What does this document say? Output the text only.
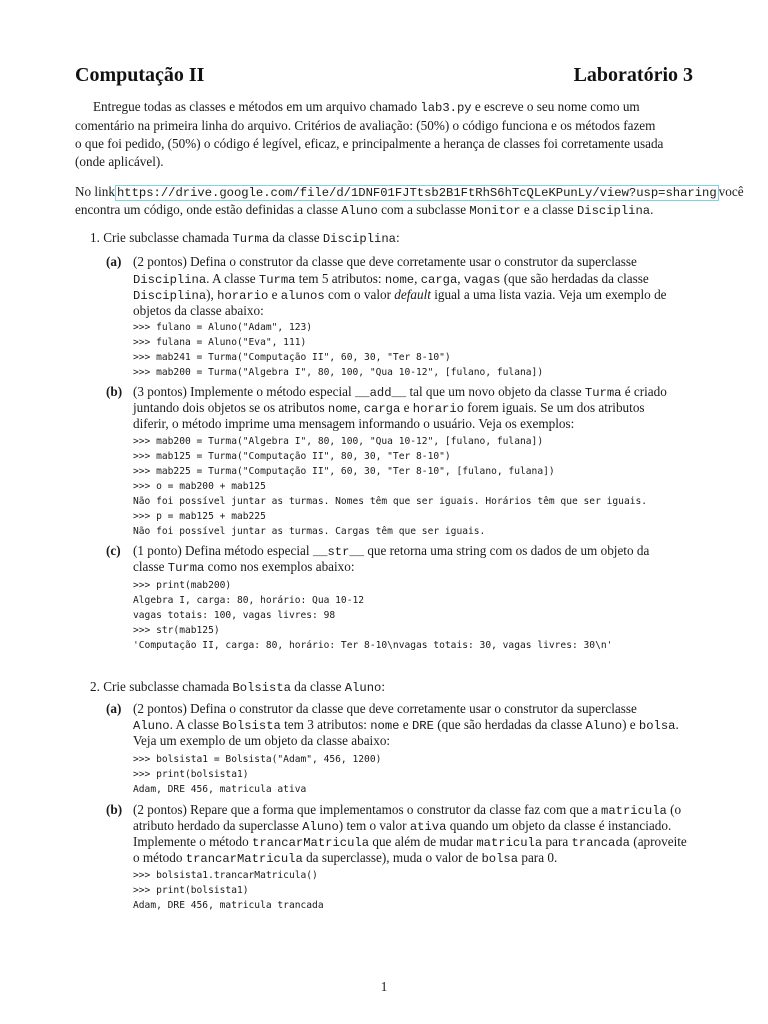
Computação II	Laboratório 3
Entregue todas as classes e métodos em um arquivo chamado lab3.py e escreve o seu nome como um
comentário na primeira linha do arquivo. Critérios de avaliação: (50%) o código funciona e os métodos fazem
o que foi pedido, (50%) o código é legível, eficaz, e principalmente a herança de classes foi corretamente usada
(onde aplicável).
No link https://drive.google.com/file/d/1DNF01FJTtsb2B1FtRhS6hTcQLeKPunLy/view?usp=sharing você
encontra um código, onde estão definidas a classe Aluno com a subclasse Monitor e a classe Disciplina.
1. Crie subclasse chamada Turma da classe Disciplina:
(a) (2 pontos) Defina o construtor da classe que deve corretamente usar o construtor da superclasse
Disciplina. A classe Turma tem 5 atributos: nome, carga, vagas (que são herdadas da classe
Disciplina), horario e alunos com o valor default igual a uma lista vazia. Veja um exemplo de
objetos da classe abaixo:
>>> fulano = Aluno("Adam", 123)
>>> fulana = Aluno("Eva", 111)
>>> mab241 = Turma("Computação II", 60, 30, "Ter 8-10")
>>> mab200 = Turma("Algebra I", 80, 100, "Qua 10-12", [fulano, fulana])
(b) (3 pontos) Implemente o método especial __add__ tal que um novo objeto da classe Turma é criado
juntando dois objetos se os atributos nome, carga e horario forem iguais. Se um dos atributos
diferir, o método imprime uma mensagem informando o usuário. Veja os exemplos:
>>> mab200 = Turma("Algebra I", 80, 100, "Qua 10-12", [fulano, fulana])
>>> mab125 = Turma("Computação II", 80, 30, "Ter 8-10")
>>> mab225 = Turma("Computação II", 60, 30, "Ter 8-10", [fulano, fulana])
>>> o = mab200 + mab125
Não foi possível juntar as turmas. Nomes têm que ser iguais. Horários têm que ser iguais.
>>> p = mab125 + mab225
Não foi possível juntar as turmas. Cargas têm que ser iguais.
(c) (1 ponto) Defina método especial __str__ que retorna uma string com os dados de um objeto da
classe Turma como nos exemplos abaixo:
>>> print(mab200)
Algebra I, carga: 80, horário: Qua 10-12
vagas totais: 100, vagas livres: 98
>>> str(mab125)
'Computação II, carga: 80, horário: Ter 8-10\nvagas totais: 30, vagas livres: 30\n'
2. Crie subclasse chamada Bolsista da classe Aluno:
(a) (2 pontos) Defina o construtor da classe que deve corretamente usar o construtor da superclasse
Aluno. A classe Bolsista tem 3 atributos: nome e DRE (que são herdadas da classe Aluno) e bolsa.
Veja um exemplo de um objeto da classe abaixo:
>>> bolsista1 = Bolsista("Adam", 456, 1200)
>>> print(bolsista1)
Adam, DRE 456, matricula ativa
(b) (2 pontos) Repare que a forma que implementamos o construtor da classe faz com que a matricula (o
atributo herdado da superclasse Aluno) tem o valor ativa quando um objeto da classe é instanciado.
Implemente o método trancarMatricula que além de mudar matricula para trancada (aproveite
o método trancarMatricula da superclasse), muda o valor de bolsa para 0.
>>> bolsista1.trancarMatricula()
>>> print(bolsista1)
Adam, DRE 456, matricula trancada
1
